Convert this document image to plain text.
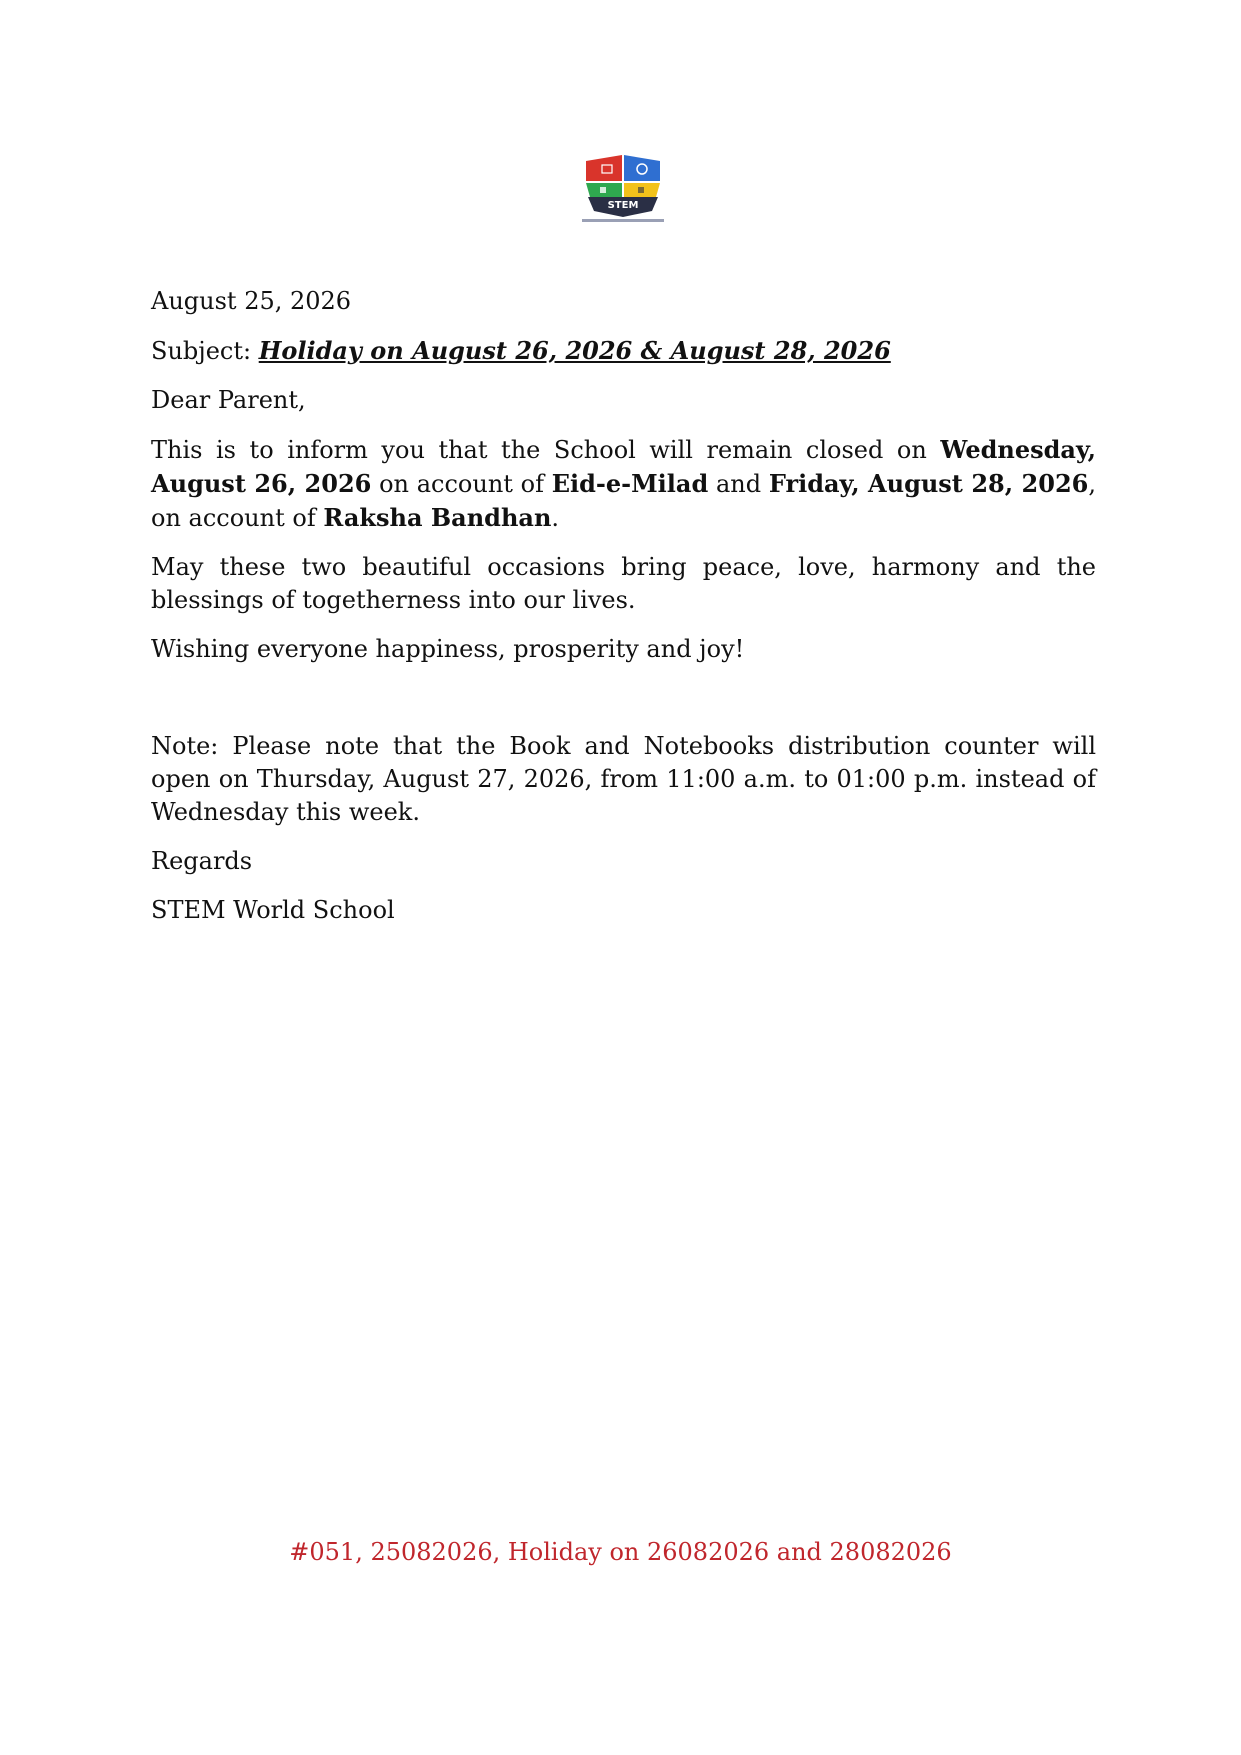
STEM

August 25, 2026

Subject: Holiday on August 26, 2026 & August 28, 2026

Dear Parent,

This is to inform you that the School will remain closed on Wednesday, August 26, 2026 on account of Eid-e-Milad and Friday, August 28, 2026, on account of Raksha Bandhan.

May these two beautiful occasions bring peace, love, harmony and the blessings of togetherness into our lives.

Wishing everyone happiness, prosperity and joy!

Note: Please note that the Book and Notebooks distribution counter will open on Thursday, August 27, 2026, from 11:00 a.m. to 01:00 p.m. instead of Wednesday this week.

Regards

STEM World School

#051, 25082026, Holiday on 26082026 and 28082026
